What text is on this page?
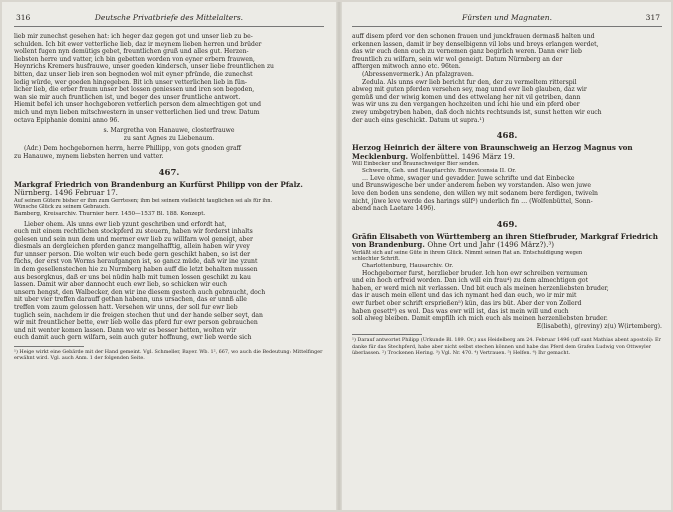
316	Deutsche Privatbriefe des Mittelalters.
lieb mir zunechst gesehen hat: ich heger daz gegen got und unser lieb zu be-
schulden. Ich bit ewer vetterliche lieb, daz ir meynem lieben herren und brüder
wollent fugen nyn demütigs gebet, freuntlichen gruß und alles gut. Herzen-
liebsten herre und vatter, ich bin gebetten worden von eyner erbern frauwen,
Heynrichs Kremers husfrauwe, unser goeden kindersch, unser liebe freuntlichen zu
bitten, daz unser lieb iren son begnoden wol mit eyner pfründe, die zunechst
ledig würde, wer goeden hingegeben. Bit ich unser vetterlichen lieb in fün-
licher lieb, die erber fraum unser bet lossen geniessen und iren son begoden,
wan sie mir auch fruntlichen ist, und beger des unser fruntliche antwort.
Hiemit befel ich unser hochgeboren vetterlich person dem almechtigen got und
mich und myn lieben mitschwestern in unser vetterlichen lied und trew. Datum
octava Epiphanie domini anno 96.
s. Margretha von Hanauwe, closterfrauwe
zu sant Agnes zu Liebenaum.
(Adr.) Dem hochgebornen herrn, herre Phillipp, von gots gnoden graff
zu Hanauwe, mynem liebsten herren und vatter.
467.
Markgraf Friedrich von Brandenburg an Kurfürst Philipp von der Pfalz. Nürnberg. 1496 Februar 17.
Auf seinen Gütere bisher er ihm zum Gerrtesen; ihm bei seinem vielleicht tauglichen sei als für ihn.
Wünsche Glück zu seinem Gebrauch.
Bamberg, Kreisarchiv. Thurnier herr. 1450—1537 Bl. 188. Konzept.
Lieber ohem. Als unns ewr lieb yzunt geschriben und erfordt hat,
euch mit einem rechtlichen stockpferd zu steuern, haben wir forderst inhalts
gelesen und sein nun dem und mermer ewr lieb zu willfarn wol geneigt, aber
diesmals an dergleichen pferden gancz mangelhafftig, allein haben wir yvey
fur unnser person. Die wolten wir euch bede gern geschikt haben, so ist der
füchs, der erst von Worms heraufgangen ist, so gancz müde, daß wir ine yzunt
in dem gesellenstechen hie zu Nurmberg haben auff die letzt behalten mussen
aus besorgknus, daß er uns bei nüdin halb mit tumen lossen geschikt zu kau
lassen. Damit wir aber dannocht euch ewr lieb, so schicken wir euch
unsern hengst, den Walbecker, den wir ine diesem gestech auch gebraucht, doch
nit uber vier treffen darauff gethan habenn, uns ursachen, das er unnß alle
treffen vom zaum gelossen hatt. Versehen wir unns, der soll fur ewr lieb
tuglich sein, nachdem ir die freigen stechen thut und der hande selber seyt, dan
wir mit freuntlicher bette, ewr lieb wolle das pferd fur ewr person gebrauchen
und nit wenter komen lassen. Dann wo wir es besser hetten, wolten wir
euch damit auch gern wilfarn, sein auch guter hoffnung, ewr lieb werde sich
¹) Heige wirkt eine Gebärde mit der Hand gemeint. Vgl. Schmeller, Bayer. Wb. 1², 667, wo auch die Bedeutung: Mittelfinger erwähnt wird. Vgl. auch Anm. 1 der folgenden Seite.
Fürsten und Magnaten.	317
auff disem pferd vor den schonen frauen und junckfrauen dermasß halten und
erkennen lassen, damit ir bey denselbigenn vil lobs und breys erlangen werdet,
das wir euch denn euch zu vernemen ganz begirlich weren. Dann ewr lieb
freuntlich zu wilfarn, sein wir wol geneigt. Datum Nürmberg an der
afftergen mitwoch anno etc. 96ten.
(Abressenvermerk.) An pfalzgraven.
Zedula. Als unns ewr lieb bericht fur den, der zu vermeltem ritterspil
abweg mit guten pferden versehen sey, mag unnd ewr lieb glauben, daz wir
gemüß und der wiwig komen und des ettwelang her nit vil getriben, dann
was wir uns zu den vergangen hochzeiten und ichi hie und ein pferd ober
zwey umbgetryben haben, daß doch nichts rechtsunds ist, sunst hetten wir euch
der auch eins geschickt. Datum ut supra.¹)
468.
Herzog Heinrich der ältere von Braunschweig an Herzog Magnus von Mecklenburg. Wolfenbüttel. 1496 März 19.
Will Einbecker und Braunschweiger Bier senden.
Schwerin, Geh. und Hauptarchiv. Brunsvicensia II. Or.
… Leve ohme, swager und gevadder. Juwe schrifte und dat Einbecke
und Brunswigesche ber under anderem heben wy vorstanden. Also wen juwe
leve den boden uns sendene, den willen wy mit sodanem bere ferdigen, twiveln
nicht, jüwe leve werde des harings sülf²) underlich fin … (Wolfenbüttel, Sonn-
abend nach Laetare 1496).
469.
Gräfin Elisabeth von Württemberg an ihren Stiefbruder, Markgraf Friedrich von Brandenburg. Ohne Ort und Jahr (1496 März?).³)
Verläßt sich auf seine Güte in ihrem Glück. Nimmt seinen Rat an. Entschuldigung wegen
schlechter Schrift.
Charlottenburg, Hausarchiv. Or.
Hochgeborner furst, herzlieber bruder. Ich hon ewr schreiben vernumen
und ein hoch erfreid worden. Dan ich will ein frau⁴) zu dem almechtigen got
haben, er werd mich nit verlassen. Und bit euch als meinen herzenliebsten bruder,
das ir ausch mein ellent und das ich nymant hed dan euch, wo ir mir mit
ewr furbet ober schrift ersprießen⁵) kün, das irs büt. Aber der von Zollerd
haben gesett⁶) es wol. Das was ewr will ist, das ist mein will und euch
soll alweg bleiben. Damit empfilh ich mich euch als meinen herzenliebsten bruder.
E(lisabeth), g(reviny) z(u) W(irtemberg).
¹) Darauf antwortet Philipp (Urkunde Bl. 189. Or.) aus Heidelberg am 24. Februar 1496 (uff sant Mathias abent apostoli): Er danke für das Stechpferd, habe aber nicht selbst stechen können und habe das Pferd dem Grafen Ludwig von Ottweyler überlassen. ²) Trockenen Hering. ³) Vgl. Nr. 470. ⁴) Vertrauen. ⁵) Helfen. ⁶) Ihr gemacht.
